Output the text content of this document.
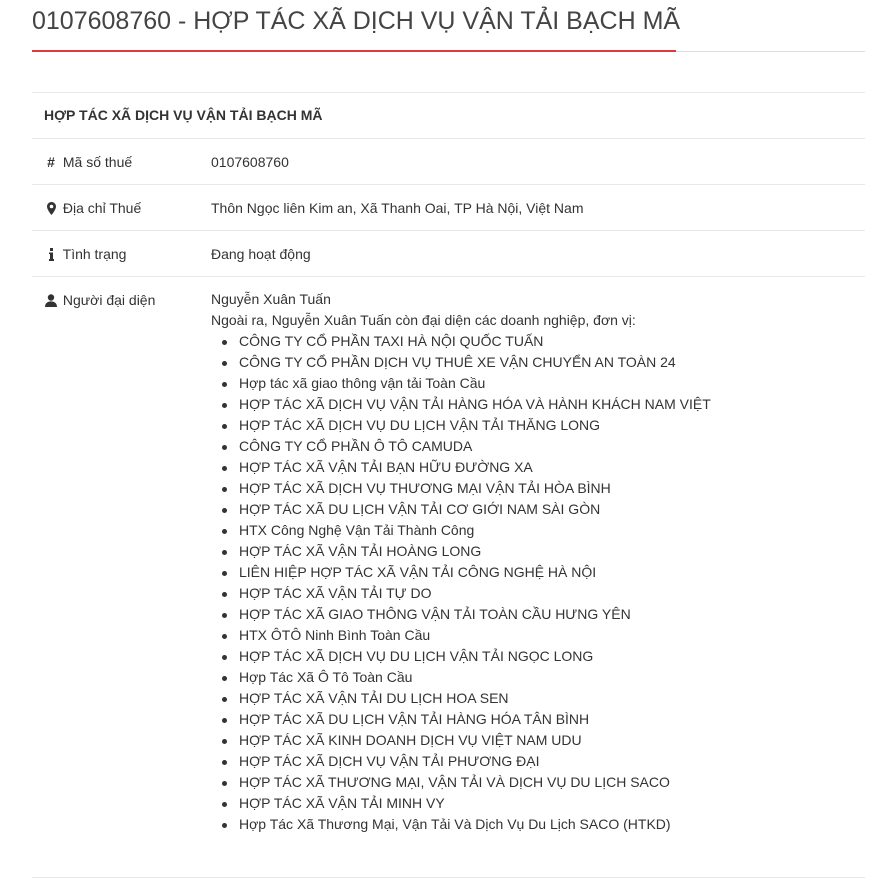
0107608760 - HỢP TÁC XÃ DỊCH VỤ VẬN TẢI BẠCH MÃ
HỢP TÁC XÃ DỊCH VỤ VẬN TẢI BẠCH MÃ
# Mã số thuế	0107608760
Địa chỉ Thuế	Thôn Ngọc liên Kim an, Xã Thanh Oai, TP Hà Nội, Việt Nam
Tình trạng	Đang hoạt động
Người đại diện	Nguyễn Xuân Tuấn

Ngoài ra, Nguyễn Xuân Tuấn còn đại diện các doanh nghiệp, đơn vị:

CÔNG TY CỔ PHẦN TAXI HÀ NỘI QUỐC TUẤN
CÔNG TY CỔ PHẦN DỊCH VỤ THUÊ XE VẬN CHUYỂN AN TOÀN 24
Hợp tác xã giao thông vận tải Toàn Cầu
HỢP TÁC XÃ DỊCH VỤ VẬN TẢI HÀNG HÓA VÀ HÀNH KHÁCH NAM VIỆT
HỢP TÁC XÃ DỊCH VỤ DU LỊCH VẬN TẢI THĂNG LONG
CÔNG TY CỔ PHẦN Ô TÔ CAMUDA
HỢP TÁC XÃ VẬN TẢI BẠN HỮU ĐƯỜNG XA
HỢP TÁC XÃ DỊCH VỤ THƯƠNG MẠI VẬN TẢI HÒA BÌNH
HỢP TÁC XÃ DU LỊCH VẬN TẢI CƠ GIỚI NAM SÀI GÒN
HTX Công Nghệ Vận Tải Thành Công
HỢP TÁC XÃ VẬN TẢI HOÀNG LONG
LIÊN HIỆP HỢP TÁC XÃ VẬN TẢI CÔNG NGHỆ HÀ NỘI
HỢP TÁC XÃ VẬN TẢI TỰ DO
HỢP TÁC XÃ GIAO THÔNG VẬN TẢI TOÀN CẦU HƯNG YÊN
HTX ÔTÔ Ninh Bình Toàn Cầu
HỢP TÁC XÃ DỊCH VỤ DU LỊCH VẬN TẢI NGỌC LONG
Hợp Tác Xã Ô Tô Toàn Cầu
HỢP TÁC XÃ VẬN TẢI DU LỊCH HOA SEN
HỢP TÁC XÃ DU LỊCH VẬN TẢI HÀNG HÓA TÂN BÌNH
HỢP TÁC XÃ KINH DOANH DỊCH VỤ VIỆT NAM UDU
HỢP TÁC XÃ DỊCH VỤ VẬN TẢI PHƯƠNG ĐẠI
HỢP TÁC XÃ THƯƠNG MẠI, VẬN TẢI VÀ DỊCH VỤ DU LỊCH SACO
HỢP TÁC XÃ VẬN TẢI MINH VY
Hợp Tác Xã Thương Mại, Vận Tải Và Dịch Vụ Du Lịch SACO (HTKD)
